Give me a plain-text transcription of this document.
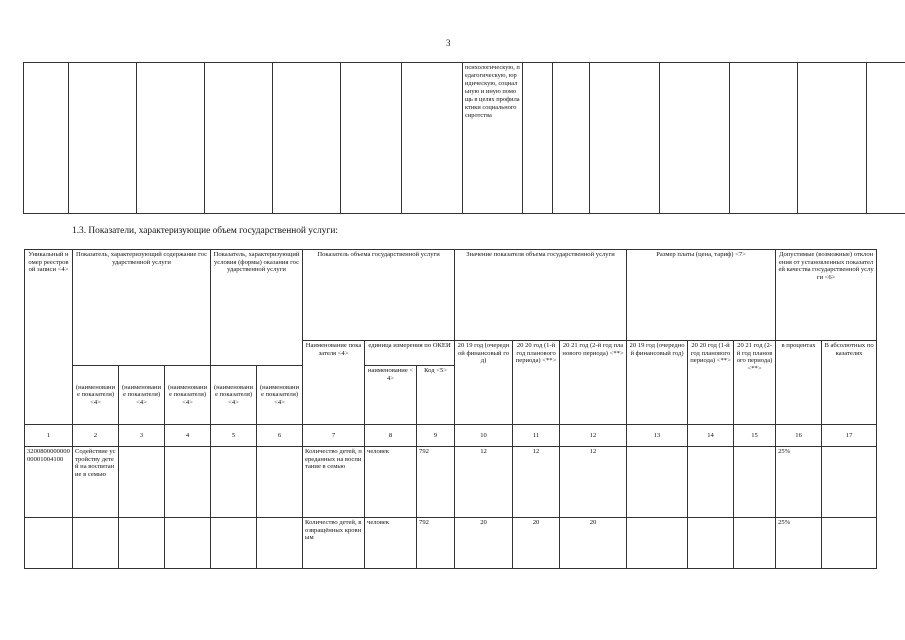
3
							психологическую, педагогическую, юридическую, социальную и иную помощь в целях профилактики социального сиротства								
1.3. Показатели, характеризующие объем государственной услуги:
Уникальный номер реестровой записи <4>	Показатель, характеризующий содержание государственной услуги			Показатель, характеризующий условия (формы) оказания государственной услуги		Показатель объема государственной услуги			Значение показателя объема государственной услуги			Размер платы (цена, тариф) <7>			Допустимые (возможные) отклонения от установленных показателей качества государственной услуги <6>	
						Наименование показателя <4>	единица измерения по ОКЕИ		20 19 год (очередной финансовый год)	20 20 год (1-й год планового периода) <**>	20 21 год (2-й год планового периода) <**>	20 19 год (очередной финансовый год)	20 20 год (1-й год планового периода) <**>	20 21 год (2-й год планового периода) <**>	в процентах	В абсолютных показателях
							наименование <4>	Код <5>								
	(наименование показателя) <4>	(наименование показателя) <4>	(наименование показателя) <4>	(наименование показателя) <4>	(наименование показателя) <4>											
1	2	3	4	5	6	7	8	9	10	11	12	13	14	15	16	17
320080000000000001004100	Содействие устройству детей на воспитание в семью					Количество детей, переданных на воспитание в семью	человек	792	12	12	12				25%	
						Количество детей, возвращённых кровным	человек	792	20	20	20				25%	
